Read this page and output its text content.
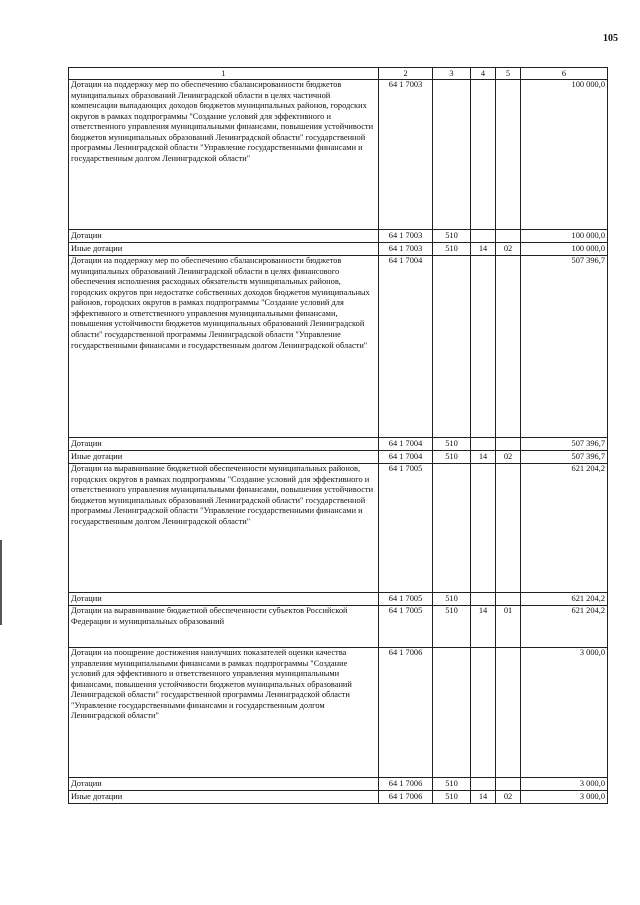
105
1	2	3	4	5	6
Дотации на поддержку мер по обеспечению сбалансированности бюджетов муниципальных образований Ленинградской области в целях частичной компенсации выпадающих доходов бюджетов муниципальных районов, городских округов в рамках подпрограммы "Создание условий для эффективного и ответственного управления муниципальными финансами, повышения устойчивости бюджетов муниципальных образований Ленинградской области" государственной программы Ленинградской области "Управление государственными финансами и государственным долгом Ленинградской области"	64 1 7003				100 000,0
Дотации	64 1 7003	510			100 000,0
Иные дотации	64 1 7003	510	14	02	100 000,0
Дотации на поддержку мер по обеспечению сбалансированности бюджетов муниципальных образований Ленинградской области в целях финансового обеспечения исполнения расходных обязательств муниципальных районов, городских округов при недостатке собственных доходов бюджетов муниципальных районов, городских округов в рамках подпрограммы "Создание условий для эффективного и ответственного управления муниципальными финансами, повышения устойчивости бюджетов муниципальных образований Ленинградской области" государственной программы Ленинградской области "Управление государственными финансами и государственным долгом Ленинградской области"	64 1 7004				507 396,7
Дотации	64 1 7004	510			507 396,7
Иные дотации	64 1 7004	510	14	02	507 396,7
Дотации на выравнивание бюджетной обеспеченности муниципальных районов, городских округов в рамках подпрограммы "Создание условий для эффективного и ответственного управления муниципальными финансами, повышения устойчивости бюджетов муниципальных образований Ленинградской области" государственной программы Ленинградской области "Управление государственными финансами и государственным долгом Ленинградской области"	64 1 7005				621 204,2
Дотации	64 1 7005	510			621 204,2
Дотации на выравнивание бюджетной обеспеченности субъектов Российской Федерации и муниципальных образований	64 1 7005	510	14	01	621 204,2
Дотации на поощрение достижения наилучших показателей оценки качества управления муниципальными финансами в рамках подпрограммы "Создание условий для эффективного и ответственного управления муниципальными финансами, повышения устойчивости бюджетов муниципальных образований Ленинградской области" государственной программы Ленинградской области "Управление государственными финансами и государственным долгом Ленинградской области"	64 1 7006				3 000,0
Дотации	64 1 7006	510			3 000,0
Иные дотации	64 1 7006	510	14	02	3 000,0
